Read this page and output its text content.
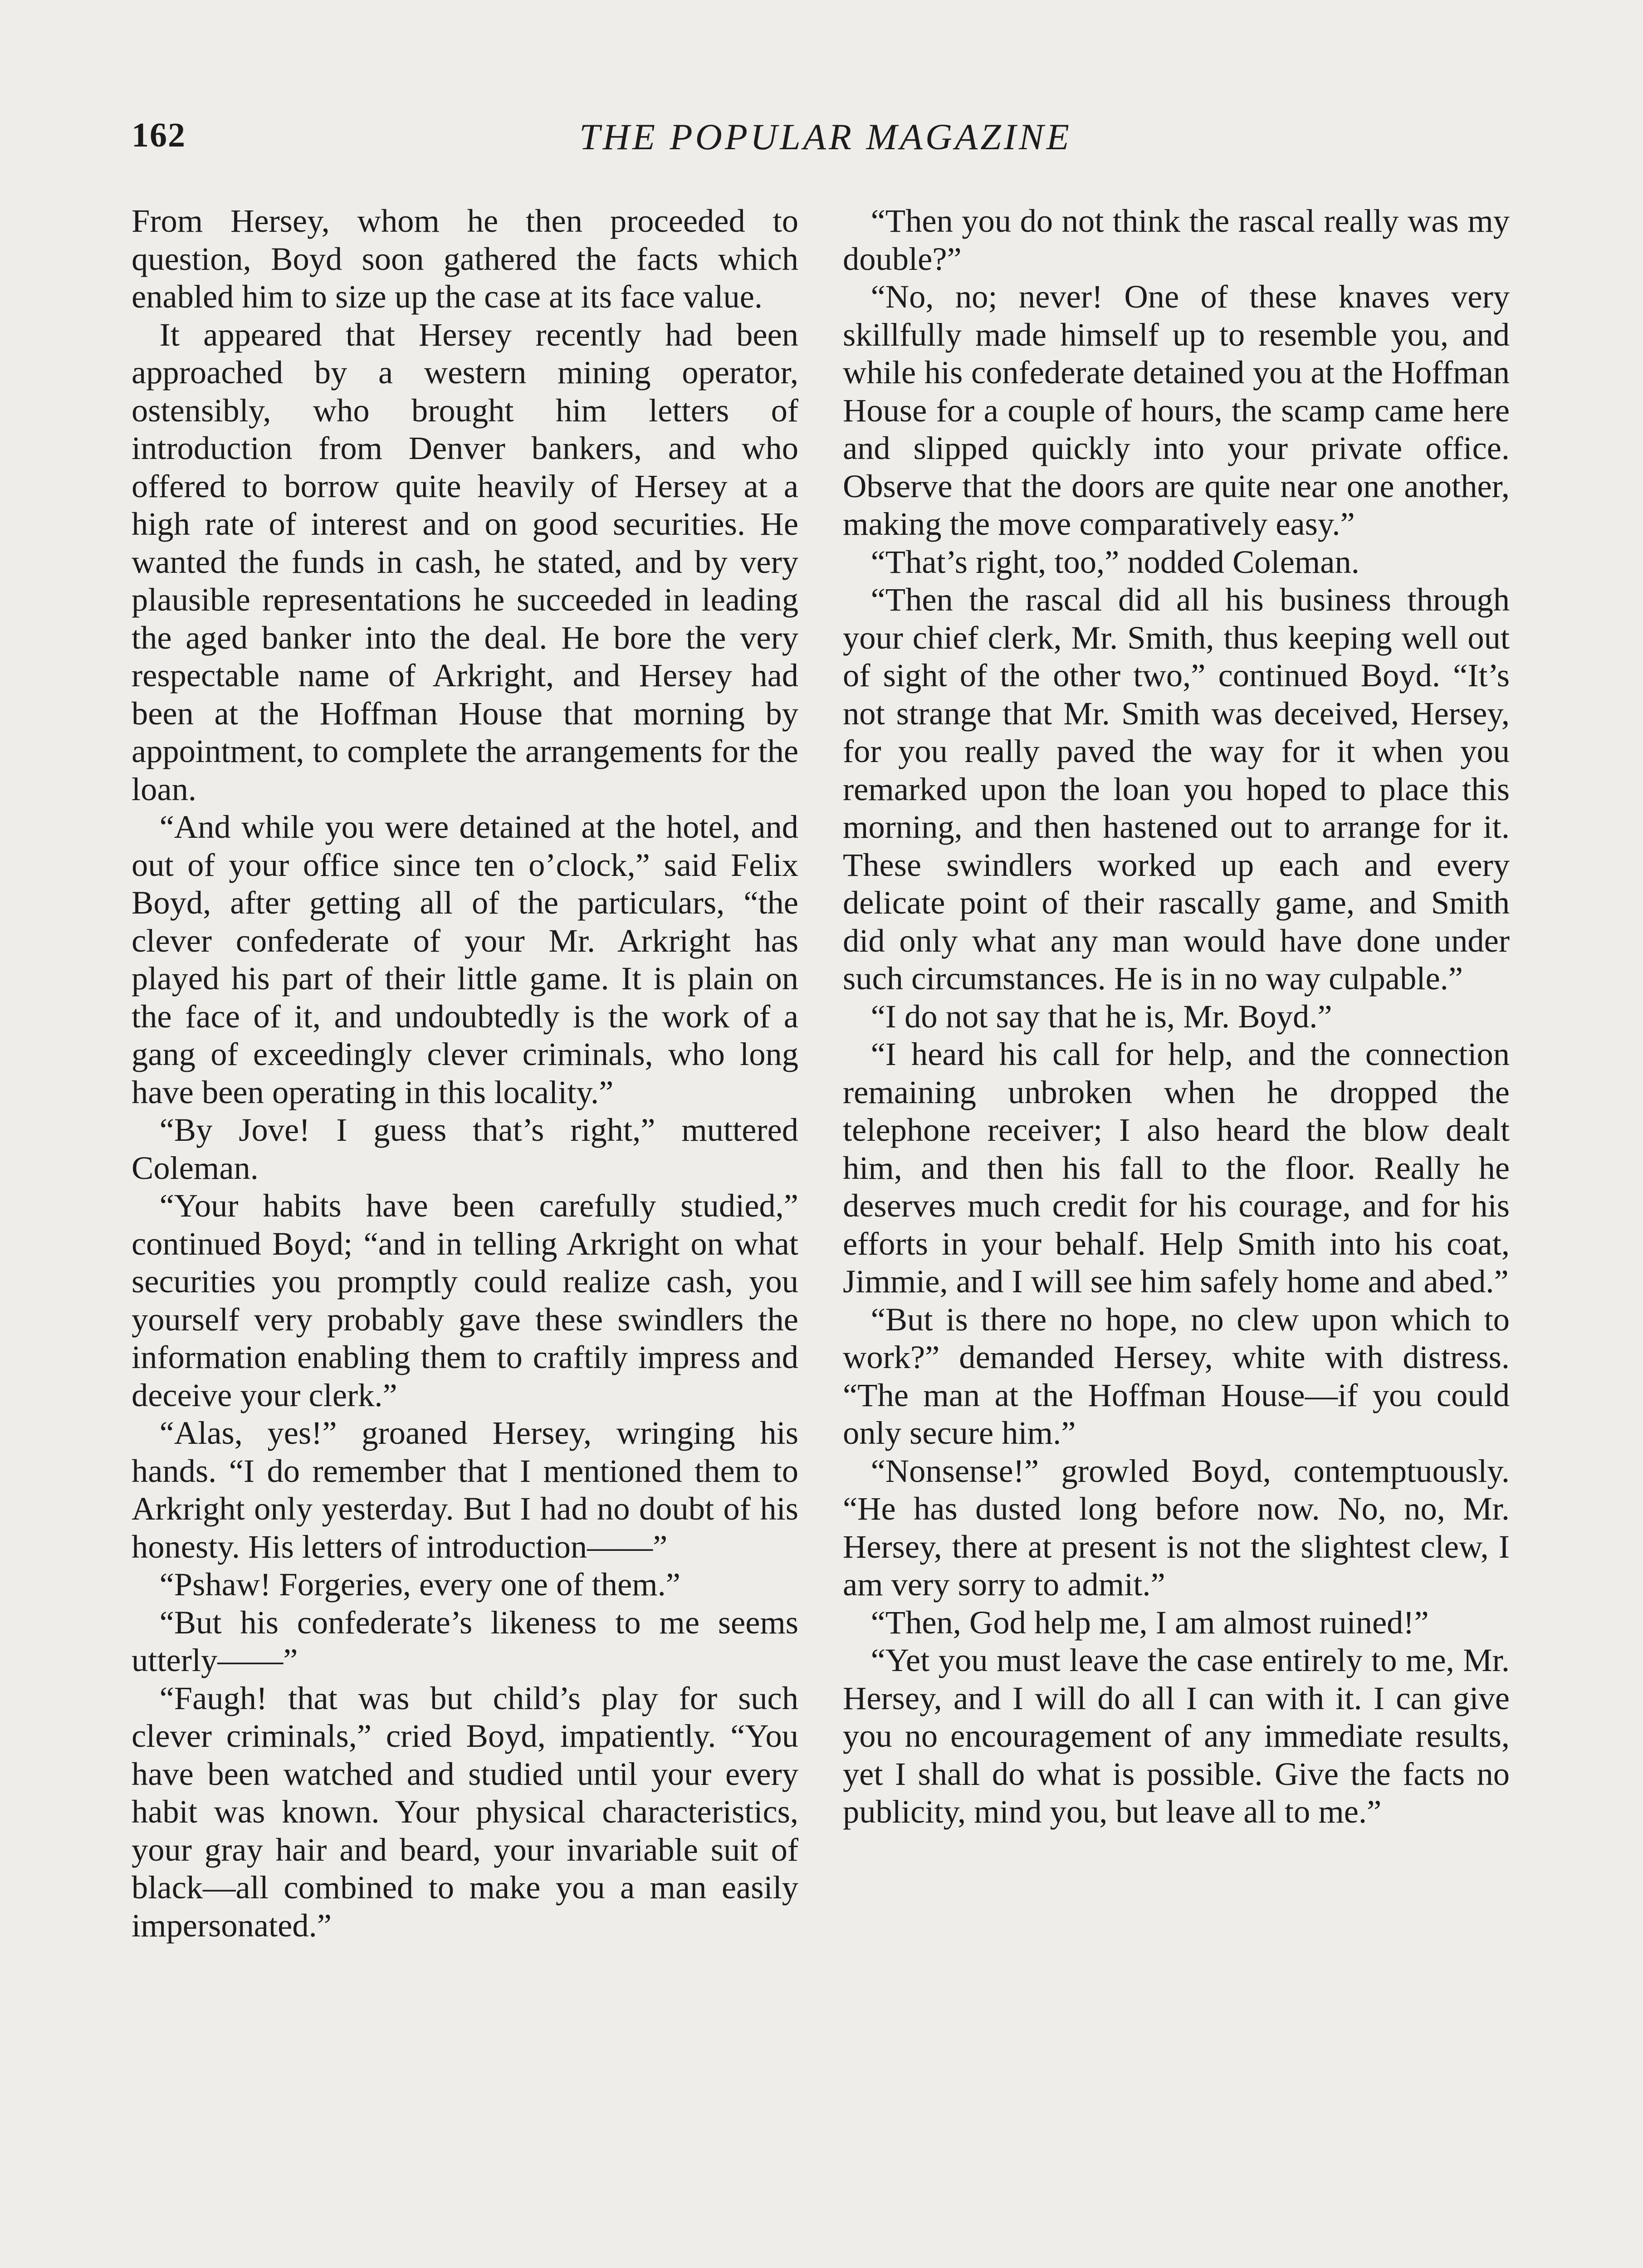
162	THE POPULAR MAGAZINE

From Hersey, whom he then proceeded to question, Boyd soon gathered the facts which enabled him to size up the case at its face value.

It appeared that Hersey recently had been approached by a western mining operator, ostensibly, who brought him letters of introduction from Denver bankers, and who offered to borrow quite heavily of Hersey at a high rate of interest and on good securities. He wanted the funds in cash, he stated, and by very plausible representations he succeeded in leading the aged banker into the deal. He bore the very respectable name of Arkright, and Hersey had been at the Hoffman House that morning by appointment, to complete the arrangements for the loan.

“And while you were detained at the hotel, and out of your office since ten o’clock,” said Felix Boyd, after getting all of the particulars, “the clever confederate of your Mr. Arkright has played his part of their little game. It is plain on the face of it, and undoubtedly is the work of a gang of exceedingly clever criminals, who long have been operating in this locality.”

“By Jove! I guess that’s right,” muttered Coleman.

“Your habits have been carefully studied,” continued Boyd; “and in telling Arkright on what securities you promptly could realize cash, you yourself very probably gave these swindlers the information enabling them to craftily impress and deceive your clerk.”

“Alas, yes!” groaned Hersey, wringing his hands. “I do remember that I mentioned them to Arkright only yesterday. But I had no doubt of his honesty. His letters of introduction——”

“Pshaw! Forgeries, every one of them.”

“But his confederate’s likeness to me seems utterly——”

“Faugh! that was but child’s play for such clever criminals,” cried Boyd, impatiently. “You have been watched and studied until your every habit was known. Your physical characteristics, your gray hair and beard, your invariable suit of black—all combined to make you a man easily impersonated.”

“Then you do not think the rascal really was my double?”

“No, no; never! One of these knaves very skillfully made himself up to resemble you, and while his confederate detained you at the Hoffman House for a couple of hours, the scamp came here and slipped quickly into your private office. Observe that the doors are quite near one another, making the move comparatively easy.”

“That’s right, too,” nodded Coleman.

“Then the rascal did all his business through your chief clerk, Mr. Smith, thus keeping well out of sight of the other two,” continued Boyd. “It’s not strange that Mr. Smith was deceived, Hersey, for you really paved the way for it when you remarked upon the loan you hoped to place this morning, and then hastened out to arrange for it. These swindlers worked up each and every delicate point of their rascally game, and Smith did only what any man would have done under such circumstances. He is in no way culpable.”

“I do not say that he is, Mr. Boyd.”

“I heard his call for help, and the connection remaining unbroken when he dropped the telephone receiver; I also heard the blow dealt him, and then his fall to the floor. Really he deserves much credit for his courage, and for his efforts in your behalf. Help Smith into his coat, Jimmie, and I will see him safely home and abed.”

“But is there no hope, no clew upon which to work?” demanded Hersey, white with distress. “The man at the Hoffman House—if you could only secure him.”

“Nonsense!” growled Boyd, contemptuously. “He has dusted long before now. No, no, Mr. Hersey, there at present is not the slightest clew, I am very sorry to admit.”

“Then, God help me, I am almost ruined!”

“Yet you must leave the case entirely to me, Mr. Hersey, and I will do all I can with it. I can give you no encouragement of any immediate results, yet I shall do what is possible. Give the facts no publicity, mind you, but leave all to me.”
